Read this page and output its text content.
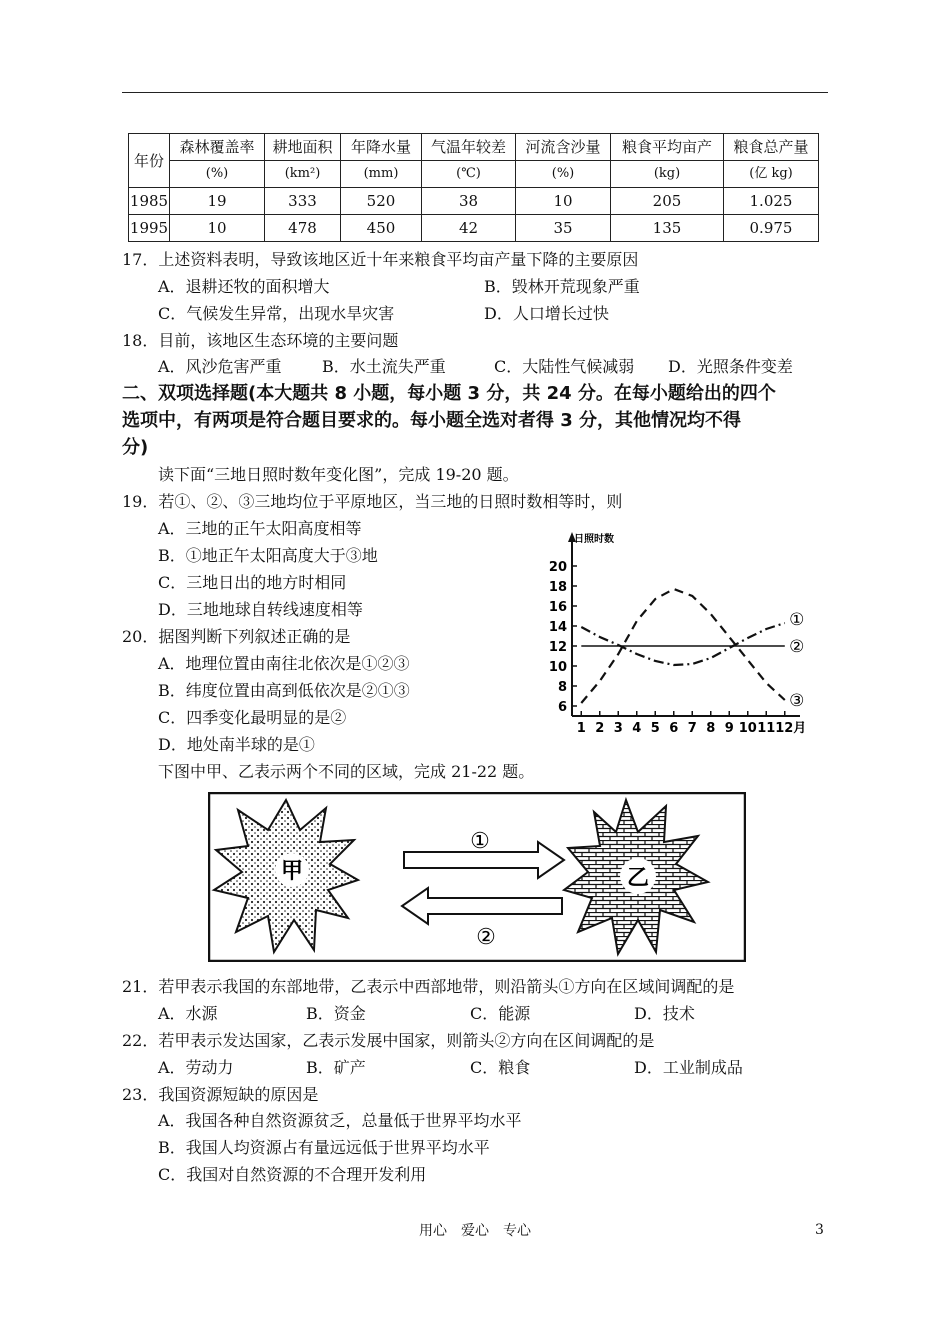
年份	森林覆盖率	耕地面积	年降水量	气温年较差	河流含沙量	粮食平均亩产	粮食总产量
	(%)	(km²)	(mm)	(℃)	(%)	(kg)	(亿 kg)
1985	19	333	520	38	10	205	1.025
1995	10	478	450	42	35	135	0.975
17．上述资料表明，导致该地区近十年来粮食平均亩产量下降的主要原因
A．退耕还牧的面积增大	B．毁林开荒现象严重
C．气候发生异常，出现水旱灾害	D．人口增长过快
18．目前，该地区生态环境的主要问题
A．风沙危害严重	B．水土流失严重	C．大陆性气候减弱 D．光照条件变差
二、双项选择题(本大题共 8 小题，每小题 3 分，共 24 分。在每小题给出的四个
选项中，有两项是符合题目要求的。每小题全选对者得 3 分，其他情况均不得
分)
读下面“三地日照时数年变化图”，完成 19-20 题。
19．若①、②、③三地均位于平原地区，当三地的日照时数相等时，则
A．三地的正午太阳高度相等
B．①地正午太阳高度大于③地
C．三地日出的地方时相同
D．三地地球自转线速度相等
20．据图判断下列叙述正确的是
A．地理位置由南往北依次是①②③
B．纬度位置由高到低依次是②①③
C．四季变化最明显的是②
D．地处南半球的是①
下图中甲、乙表示两个不同的区域，完成 21-22 题。
日照时数
6
8
10
12
14
16
18
20
1 2 3 4 5 6 7 8 9 10 11 12月
①
②
③
甲	乙
①
②
21．若甲表示我国的东部地带，乙表示中西部地带，则沿箭头①方向在区域间调配的是
A．水源	B．资金	C．能源	D．技术
22．若甲表示发达国家，乙表示发展中国家，则箭头②方向在区间调配的是
A．劳动力	B．矿产	C．粮食	D．工业制成品
23．我国资源短缺的原因是
A．我国各种自然资源贫乏，总量低于世界平均水平
B．我国人均资源占有量远远低于世界平均水平
C．我国对自然资源的不合理开发利用
用心　爱心　专心	3
